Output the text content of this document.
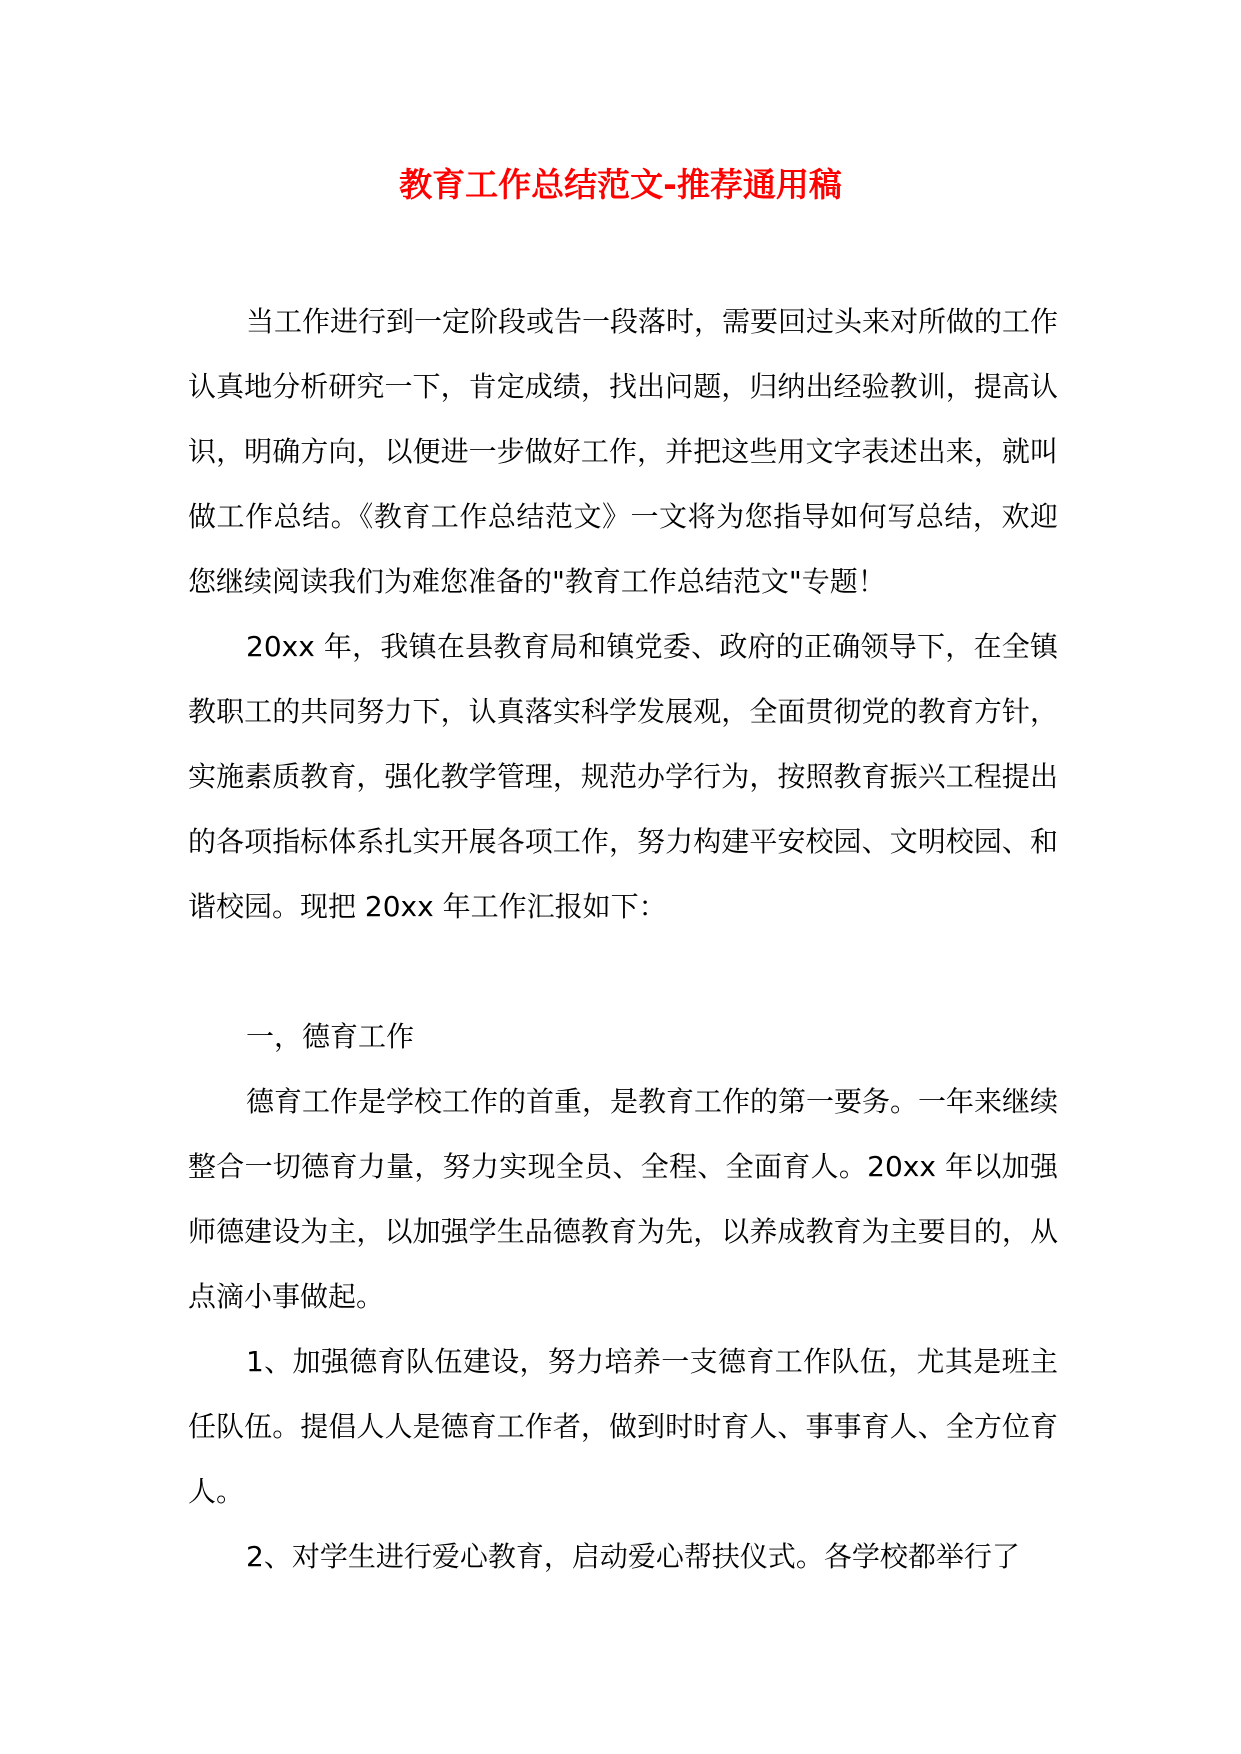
教育工作总结范文-推荐通用稿

当工作进行到一定阶段或告一段落时，需要回过头来对所做的工作认真地分析研究一下，肯定成绩，找出问题，归纳出经验教训，提高认识，明确方向，以便进一步做好工作，并把这些用文字表述出来，就叫做工作总结。《教育工作总结范文》一文将为您指导如何写总结，欢迎您继续阅读我们为难您准备的"教育工作总结范文"专题！

20xx 年，我镇在县教育局和镇党委、政府的正确领导下，在全镇教职工的共同努力下，认真落实科学发展观，全面贯彻党的教育方针，实施素质教育，强化教学管理，规范办学行为，按照教育振兴工程提出的各项指标体系扎实开展各项工作，努力构建平安校园、文明校园、和谐校园。现把 20xx 年工作汇报如下：

一，德育工作

德育工作是学校工作的首重，是教育工作的第一要务。一年来继续整合一切德育力量，努力实现全员、全程、全面育人。20xx 年以加强师德建设为主，以加强学生品德教育为先，以养成教育为主要目的，从点滴小事做起。

1、加强德育队伍建设，努力培养一支德育工作队伍，尤其是班主任队伍。提倡人人是德育工作者，做到时时育人、事事育人、全方位育人。

2、对学生进行爱心教育，启动爱心帮扶仪式。各学校都举行了
